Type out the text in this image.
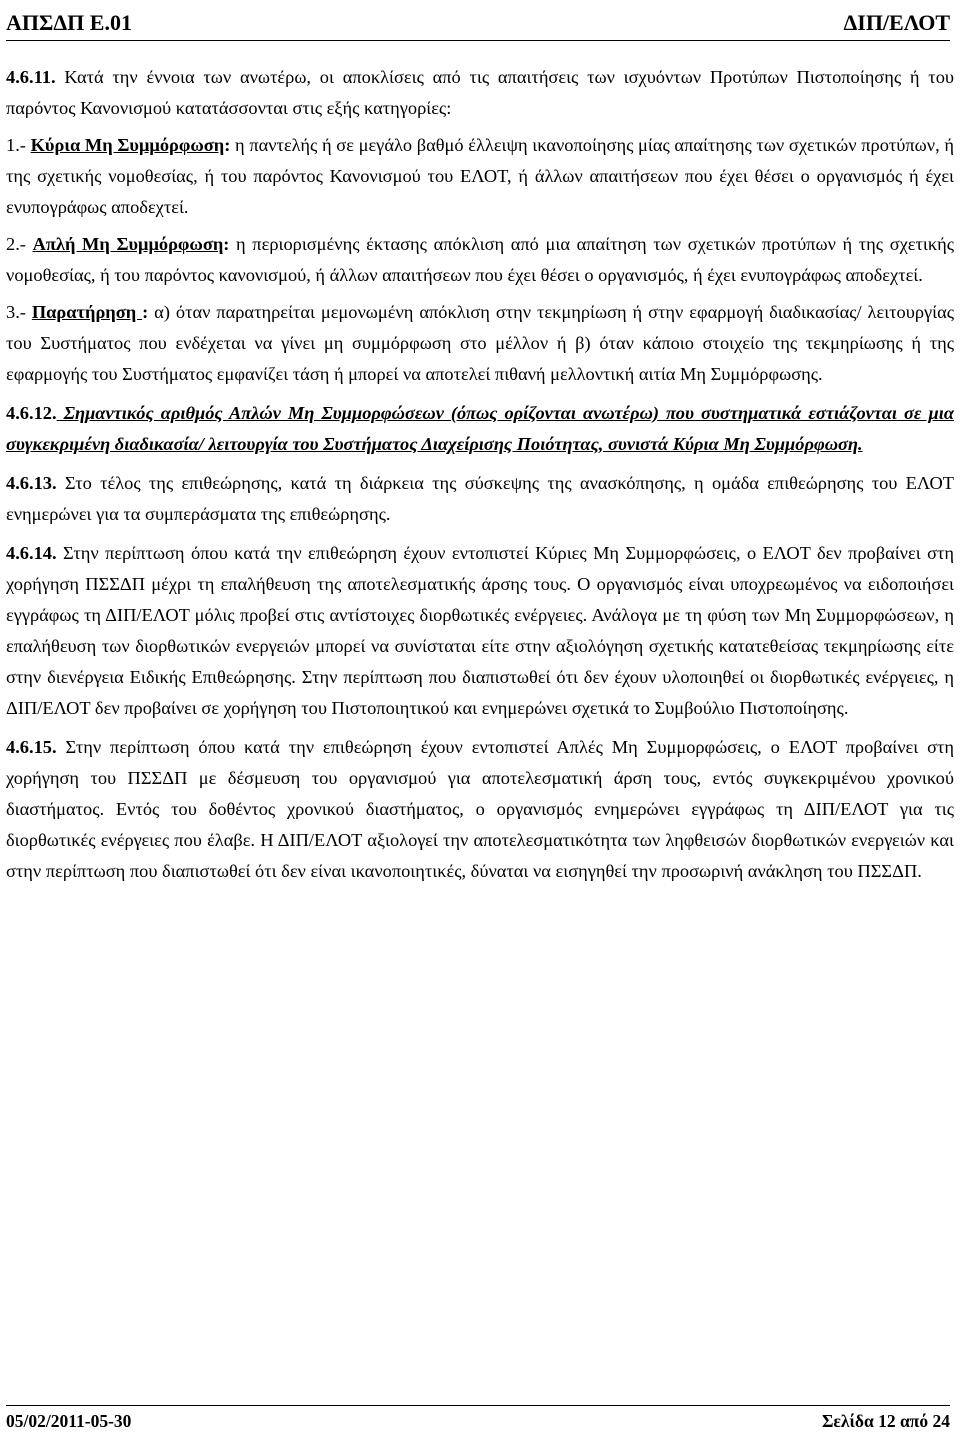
ΑΠΣΔΠ Ε.01	ΔΙΠ/ΕΛΟΤ

4.6.11. Κατά την έννοια των ανωτέρω, οι αποκλίσεις από τις απαιτήσεις των ισχυόντων Προτύπων Πιστοποίησης ή του παρόντος Κανονισμού κατατάσσονται στις εξής κατηγορίες:

1.- Κύρια Μη Συμμόρφωση: η παντελής ή σε μεγάλο βαθμό έλλειψη ικανοποίησης μίας απαίτησης των σχετικών προτύπων, ή της σχετικής νομοθεσίας, ή του παρόντος Κανονισμού του ΕΛΟΤ, ή άλλων απαιτήσεων που έχει θέσει ο οργανισμός ή έχει ενυπογράφως αποδεχτεί.

2.- Απλή Μη Συμμόρφωση: η περιορισμένης έκτασης απόκλιση από μια απαίτηση των σχετικών προτύπων ή της σχετικής νομοθεσίας, ή του παρόντος κανονισμού, ή άλλων απαιτήσεων που έχει θέσει ο οργανισμός, ή έχει ενυπογράφως αποδεχτεί.

3.- Παρατήρηση : α) όταν παρατηρείται μεμονωμένη απόκλιση στην τεκμηρίωση ή στην εφαρμογή διαδικασίας/ λειτουργίας του Συστήματος που ενδέχεται να γίνει μη συμμόρφωση στο μέλλον ή β) όταν κάποιο στοιχείο της τεκμηρίωσης ή της εφαρμογής του Συστήματος εμφανίζει τάση ή μπορεί να αποτελεί πιθανή μελλοντική αιτία Μη Συμμόρφωσης.

4.6.12. Σημαντικός αριθμός Απλών Μη Συμμορφώσεων (όπως ορίζονται ανωτέρω) που συστηματικά εστιάζονται σε μια συγκεκριμένη διαδικασία/ λειτουργία του Συστήματος Διαχείρισης Ποιότητας, συνιστά Κύρια Μη Συμμόρφωση.

4.6.13. Στο τέλος της επιθεώρησης, κατά τη διάρκεια της σύσκεψης της ανασκόπησης, η ομάδα επιθεώρησης του ΕΛΟΤ ενημερώνει για τα συμπεράσματα της επιθεώρησης.

4.6.14. Στην περίπτωση όπου κατά την επιθεώρηση έχουν εντοπιστεί Κύριες Μη Συμμορφώσεις, ο ΕΛΟΤ δεν προβαίνει στη χορήγηση ΠΣΣΔΠ μέχρι τη επαλήθευση της αποτελεσματικής άρσης τους. Ο οργανισμός είναι υποχρεωμένος να ειδοποιήσει εγγράφως τη ΔΙΠ/ΕΛΟΤ μόλις προβεί στις αντίστοιχες διορθωτικές ενέργειες. Ανάλογα με τη φύση των Μη Συμμορφώσεων, η επαλήθευση των διορθωτικών ενεργειών μπορεί να συνίσταται είτε στην αξιολόγηση σχετικής κατατεθείσας τεκμηρίωσης είτε στην διενέργεια Ειδικής Επιθεώρησης. Στην περίπτωση που διαπιστωθεί ότι δεν έχουν υλοποιηθεί οι διορθωτικές ενέργειες, η ΔΙΠ/ΕΛΟΤ δεν προβαίνει σε χορήγηση του Πιστοποιητικού και ενημερώνει σχετικά το Συμβούλιο Πιστοποίησης.

4.6.15. Στην περίπτωση όπου κατά την επιθεώρηση έχουν εντοπιστεί Απλές Μη Συμμορφώσεις, ο ΕΛΟΤ προβαίνει στη χορήγηση του ΠΣΣΔΠ με δέσμευση του οργανισμού για αποτελεσματική άρση τους, εντός συγκεκριμένου χρονικού διαστήματος. Εντός του δοθέντος χρονικού διαστήματος, ο οργανισμός ενημερώνει εγγράφως τη ΔΙΠ/ΕΛΟΤ για τις διορθωτικές ενέργειες που έλαβε. Η ΔΙΠ/ΕΛΟΤ αξιολογεί την αποτελεσματικότητα των ληφθεισών διορθωτικών ενεργειών και στην περίπτωση που διαπιστωθεί ότι δεν είναι ικανοποιητικές, δύναται να εισηγηθεί την προσωρινή ανάκληση του ΠΣΣΔΠ.

05/02/2011-05-30	Σελίδα 12 από 24
